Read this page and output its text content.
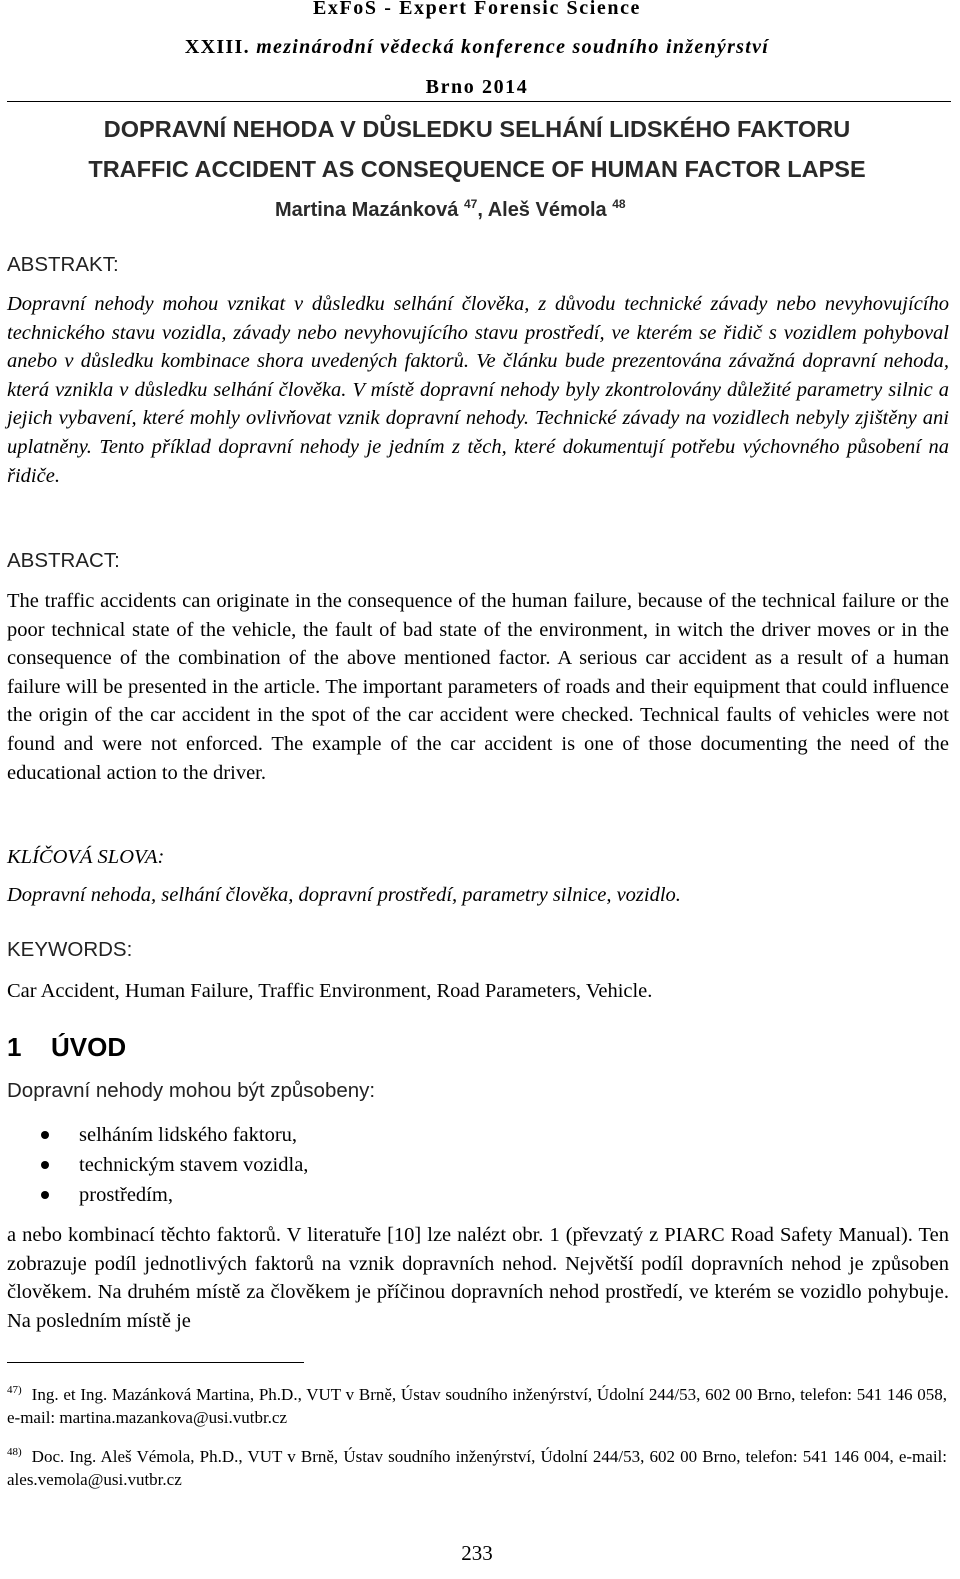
ExFoS - Expert Forensic Science
XXIII. mezinárodní vědecká konference soudního inženýrství
Brno 2014
DOPRAVNÍ NEHODA V DŮSLEDKU SELHÁNÍ LIDSKÉHO FAKTORU
TRAFFIC ACCIDENT AS CONSEQUENCE OF HUMAN FACTOR LAPSE
Martina Mazánková $^{47}$, Aleš Vémola $^{48}$
ABSTRAKT:
Dopravní nehody mohou vznikat v důsledku selhání člověka, z důvodu technické závady nebo nevyhovujícího technického stavu vozidla, závady nebo nevyhovujícího stavu prostředí, ve kterém se řidič s vozidlem pohyboval anebo v důsledku kombinace shora uvedených faktorů. Ve článku bude prezentována závažná dopravní nehoda, která vznikla v důsledku selhání člověka. V místě dopravní nehody byly zkontrolovány důležité parametry silnic a jejich vybavení, které mohly ovlivňovat vznik dopravní nehody. Technické závady na vozidlech nebyly zjištěny ani uplatněny. Tento příklad dopravní nehody je jedním z těch, které dokumentují potřebu výchovného působení na řidiče.
ABSTRACT:
The traffic accidents can originate in the consequence of the human failure, because of the technical failure or the poor technical state of the vehicle, the fault of bad state of the environment, in witch the driver moves or in the consequence of the combination of the above mentioned factor. A serious car accident as a result of a human failure will be presented in the article. The important parameters of roads and their equipment that could influence the origin of the car accident in the spot of the car accident were checked. Technical faults of vehicles were not found and were not enforced. The example of the car accident is one of those documenting the need of the educational action to the driver.
KLÍČOVÁ SLOVA:
Dopravní nehoda, selhání člověka, dopravní prostředí, parametry silnice, vozidlo.
KEYWORDS:
Car Accident, Human Failure, Traffic Environment, Road Parameters, Vehicle.
1 ÚVOD
Dopravní nehody mohou být způsobeny:
selháním lidského faktoru,
technickým stavem vozidla,
prostředím,
a nebo kombinací těchto faktorů. V literatuře [10] lze nalézt obr. 1 (převzatý z PIARC Road Safety Manual). Ten zobrazuje podíl jednotlivých faktorů na vznik dopravních nehod. Největší podíl dopravních nehod je způsoben člověkem. Na druhém místě za člověkem je příčinou dopravních nehod prostředí, ve kterém se vozidlo pohybuje. Na posledním místě je
$^{47)}$ Ing. et Ing. Mazánková Martina, Ph.D., VUT v Brně, Ústav soudního inženýrství, Údolní 244/53, 602 00 Brno, telefon: 541 146 058, e-mail: martina.mazankova@usi.vutbr.cz
$^{48)}$ Doc. Ing. Aleš Vémola, Ph.D., VUT v Brně, Ústav soudního inženýrství, Údolní 244/53, 602 00 Brno, telefon: 541 146 004, e-mail: ales.vemola@usi.vutbr.cz
233
